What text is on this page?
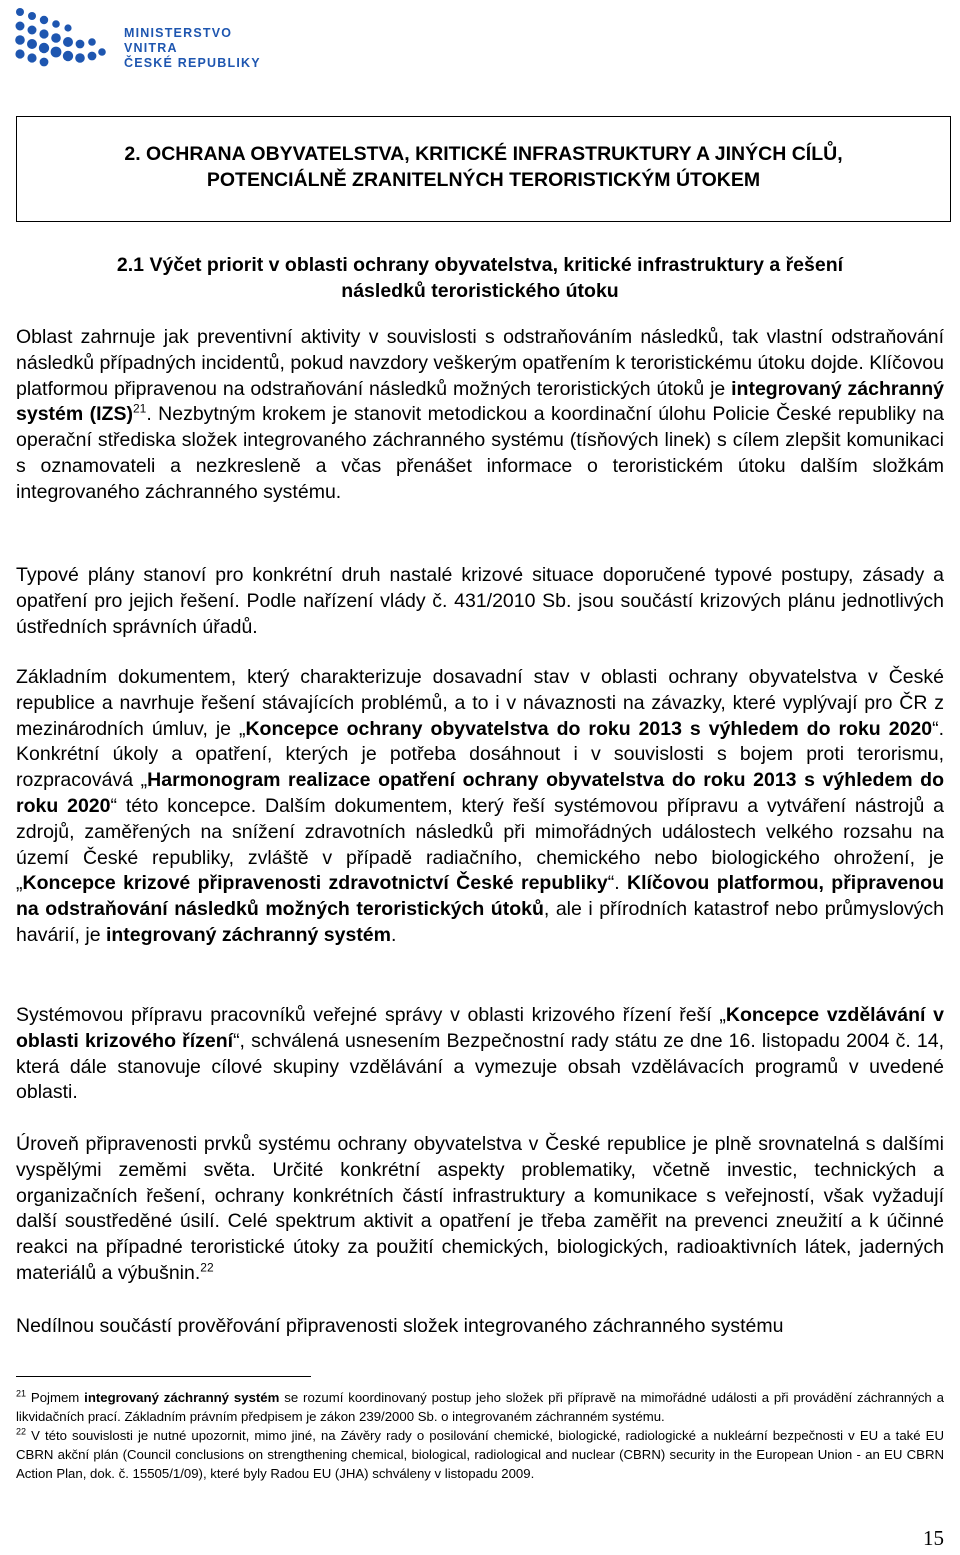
MINISTERSTVO VNITRA
ČESKÉ REPUBLIKY
2. OCHRANA OBYVATELSTVA, KRITICKÉ INFRASTRUKTURY A JINÝCH CÍLŮ,
POTENCIÁLNĚ ZRANITELNÝCH TERORISTICKÝM ÚTOKEM
2.1 Výčet priorit v oblasti ochrany obyvatelstva, kritické infrastruktury a řešení
následků teroristického útoku

Oblast zahrnuje jak preventivní aktivity v souvislosti s odstraňováním následků, tak vlastní odstraňování následků případných incidentů, pokud navzdory veškerým opatřením k teroristickému útoku dojde. Klíčovou platformou připravenou na odstraňování následků možných teroristických útoků je integrovaný záchranný systém (IZS)$^{21}$. Nezbytným krokem je stanovit metodickou a koordinační úlohu Policie České republiky na operační střediska složek integrovaného záchranného systému (tísňových linek) s cílem zlepšit komunikaci s oznamovateli a nezkresleně a včas přenášet informace o teroristickém útoku dalším složkám integrovaného záchranného systému.

Typové plány stanoví pro konkrétní druh nastalé krizové situace doporučené typové postupy, zásady a opatření pro jejich řešení. Podle nařízení vlády č. 431/2010 Sb. jsou součástí krizových plánu jednotlivých ústředních správních úřadů.

Základním dokumentem, který charakterizuje dosavadní stav v oblasti ochrany obyvatelstva v České republice a navrhuje řešení stávajících problémů, a to i v návaznosti na závazky, které vyplývají pro ČR z mezinárodních úmluv, je „Koncepce ochrany obyvatelstva do roku 2013 s výhledem do roku 2020“. Konkrétní úkoly a opatření, kterých je potřeba dosáhnout i v souvislosti s bojem proti terorismu, rozpracovává „Harmonogram realizace opatření ochrany obyvatelstva do roku 2013 s výhledem do roku 2020“ této koncepce. Dalším dokumentem, který řeší systémovou přípravu a vytváření nástrojů a zdrojů, zaměřených na snížení zdravotních následků při mimořádných událostech velkého rozsahu na území České republiky, zvláště v případě radiačního, chemického nebo biologického ohrožení, je „Koncepce krizové připravenosti zdravotnictví České republiky“. Klíčovou platformou, připravenou na odstraňování následků možných teroristických útoků, ale i přírodních katastrof nebo průmyslových havárií, je integrovaný záchranný systém.

Systémovou přípravu pracovníků veřejné správy v oblasti krizového řízení řeší „Koncepce vzdělávání v oblasti krizového řízení“, schválená usnesením Bezpečnostní rady státu ze dne 16. listopadu 2004 č. 14, která dále stanovuje cílové skupiny vzdělávání a vymezuje obsah vzdělávacích programů v uvedené oblasti.

Úroveň připravenosti prvků systému ochrany obyvatelstva v České republice je plně srovnatelná s dalšími vyspělými zeměmi světa. Určité konkrétní aspekty problematiky, včetně investic, technických a organizačních řešení, ochrany konkrétních částí infrastruktury a komunikace s veřejností, však vyžadují další soustředěné úsilí. Celé spektrum aktivit a opatření je třeba zaměřit na prevenci zneužití a k účinné reakci na případné teroristické útoky za použití chemických, biologických, radioaktivních látek, jaderných materiálů a výbušnin.$^{22}$

Nedílnou součástí prověřování připravenosti složek integrovaného záchranného systému

$^{21}$ Pojmem integrovaný záchranný systém se rozumí koordinovaný postup jeho složek při přípravě na mimořádné události a při provádění záchranných a likvidačních prací. Základním právním předpisem je zákon 239/2000 Sb. o integrovaném záchranném systému.

$^{22}$ V této souvislosti je nutné upozornit, mimo jiné, na Závěry rady o posilování chemické, biologické, radiologické a nukleární bezpečnosti v EU a také EU CBRN akční plán (Council conclusions on strengthening chemical, biological, radiological and nuclear (CBRN) security in the European Union - an EU CBRN Action Plan, dok. č. 15505/1/09), které byly Radou EU (JHA) schváleny v listopadu 2009.

15
